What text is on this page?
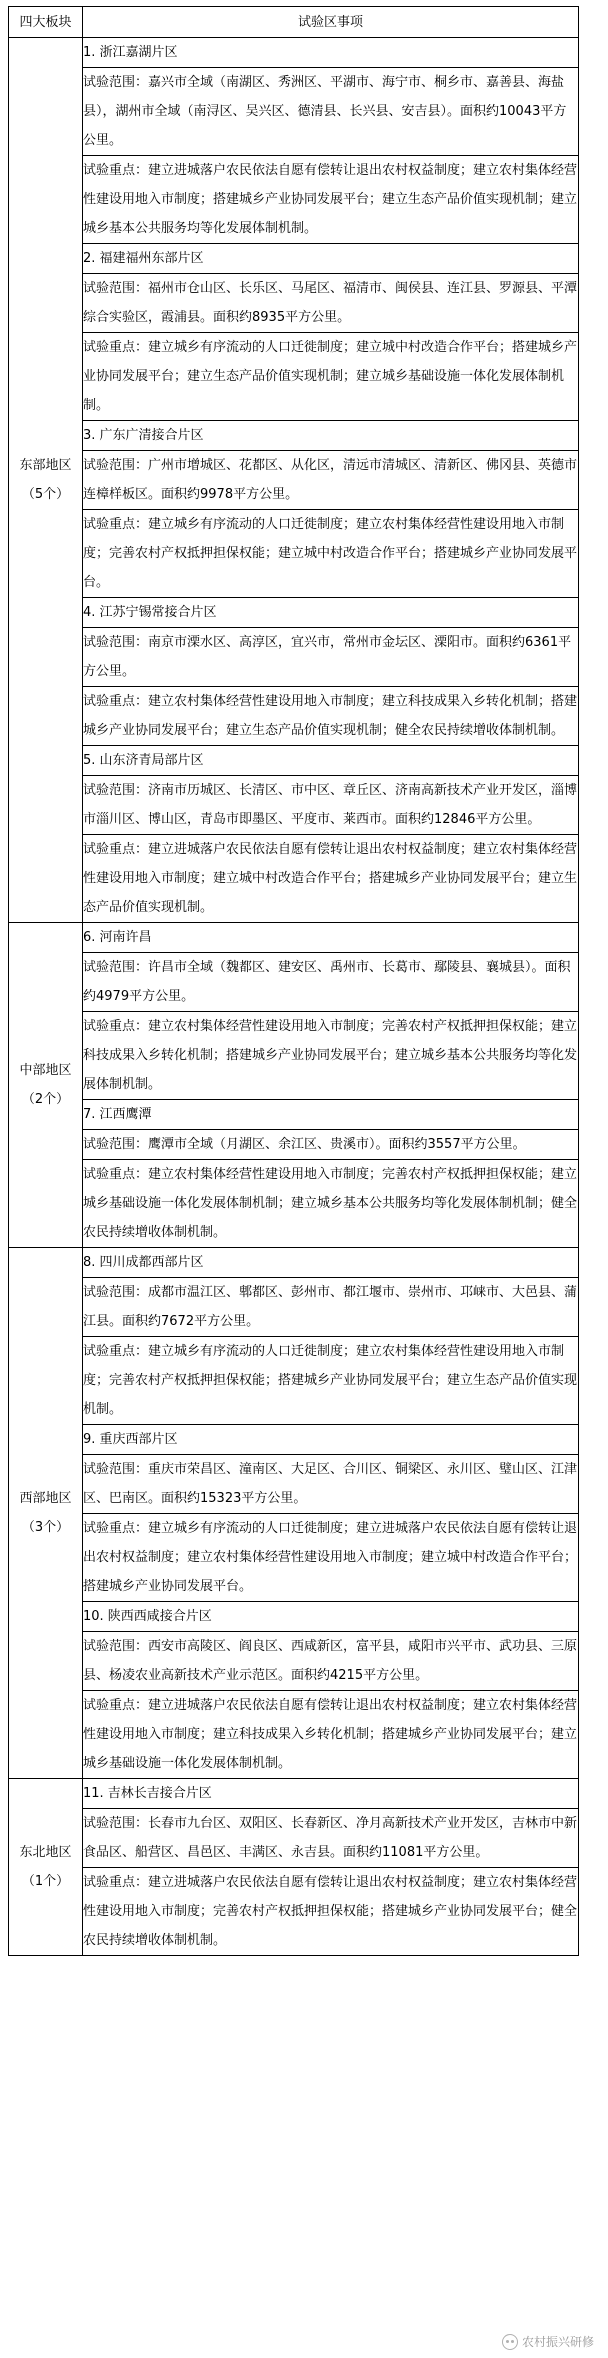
四大板块	试验区事项

东部地区
（5个）	1. 浙江嘉湖片区
	试验范围：嘉兴市全域（南湖区、秀洲区、平湖市、海宁市、桐乡市、嘉善县、海盐县），湖州市全域（南浔区、吴兴区、德清县、长兴县、安吉县）。面积约10043平方公里。
	试验重点：建立进城落户农民依法自愿有偿转让退出农村权益制度；建立农村集体经营性建设用地入市制度；搭建城乡产业协同发展平台；建立生态产品价值实现机制；建立城乡基本公共服务均等化发展体制机制。
	2. 福建福州东部片区
	试验范围：福州市仓山区、长乐区、马尾区、福清市、闽侯县、连江县、罗源县、平潭综合实验区，霞浦县。面积约8935平方公里。
	试验重点：建立城乡有序流动的人口迁徙制度；建立城中村改造合作平台；搭建城乡产业协同发展平台；建立生态产品价值实现机制；建立城乡基础设施一体化发展体制机制。
	3. 广东广清接合片区
	试验范围：广州市增城区、花都区、从化区，清远市清城区、清新区、佛冈县、英德市连樟样板区。面积约9978平方公里。
	试验重点：建立城乡有序流动的人口迁徙制度；建立农村集体经营性建设用地入市制度；完善农村产权抵押担保权能；建立城中村改造合作平台；搭建城乡产业协同发展平台。
	4. 江苏宁锡常接合片区
	试验范围：南京市溧水区、高淳区，宜兴市，常州市金坛区、溧阳市。面积约6361平方公里。
	试验重点：建立农村集体经营性建设用地入市制度；建立科技成果入乡转化机制；搭建城乡产业协同发展平台；建立生态产品价值实现机制；健全农民持续增收体制机制。
	5. 山东济青局部片区
	试验范围：济南市历城区、长清区、市中区、章丘区、济南高新技术产业开发区，淄博市淄川区、博山区，青岛市即墨区、平度市、莱西市。面积约12846平方公里。
	试验重点：建立进城落户农民依法自愿有偿转让退出农村权益制度；建立农村集体经营性建设用地入市制度；建立城中村改造合作平台；搭建城乡产业协同发展平台；建立生态产品价值实现机制。

中部地区
（2个）	6. 河南许昌
	试验范围：许昌市全域（魏都区、建安区、禹州市、长葛市、鄢陵县、襄城县）。面积约4979平方公里。
	试验重点：建立农村集体经营性建设用地入市制度；完善农村产权抵押担保权能；建立科技成果入乡转化机制；搭建城乡产业协同发展平台；建立城乡基本公共服务均等化发展体制机制。
	7. 江西鹰潭
	试验范围：鹰潭市全域（月湖区、余江区、贵溪市）。面积约3557平方公里。
	试验重点：建立农村集体经营性建设用地入市制度；完善农村产权抵押担保权能；建立城乡基础设施一体化发展体制机制；建立城乡基本公共服务均等化发展体制机制；健全农民持续增收体制机制。

西部地区
（3个）	8. 四川成都西部片区
	试验范围：成都市温江区、郫都区、彭州市、都江堰市、崇州市、邛崃市、大邑县、蒲江县。面积约7672平方公里。
	试验重点：建立城乡有序流动的人口迁徙制度；建立农村集体经营性建设用地入市制度；完善农村产权抵押担保权能；搭建城乡产业协同发展平台；建立生态产品价值实现机制。
	9. 重庆西部片区
	试验范围：重庆市荣昌区、潼南区、大足区、合川区、铜梁区、永川区、璧山区、江津区、巴南区。面积约15323平方公里。
	试验重点：建立城乡有序流动的人口迁徙制度；建立进城落户农民依法自愿有偿转让退出农村权益制度；建立农村集体经营性建设用地入市制度；建立城中村改造合作平台；搭建城乡产业协同发展平台。
	10. 陕西西咸接合片区
	试验范围：西安市高陵区、阎良区、西咸新区，富平县，咸阳市兴平市、武功县、三原县、杨凌农业高新技术产业示范区。面积约4215平方公里。
	试验重点：建立进城落户农民依法自愿有偿转让退出农村权益制度；建立农村集体经营性建设用地入市制度；建立科技成果入乡转化机制；搭建城乡产业协同发展平台；建立城乡基础设施一体化发展体制机制。

东北地区
（1个）	11. 吉林长吉接合片区
	试验范围：长春市九台区、双阳区、长春新区、净月高新技术产业开发区，吉林市中新食品区、船营区、昌邑区、丰满区、永吉县。面积约11081平方公里。
	试验重点：建立进城落户农民依法自愿有偿转让退出农村权益制度；建立农村集体经营性建设用地入市制度；完善农村产权抵押担保权能；搭建城乡产业协同发展平台；健全农民持续增收体制机制。
农村振兴研修
